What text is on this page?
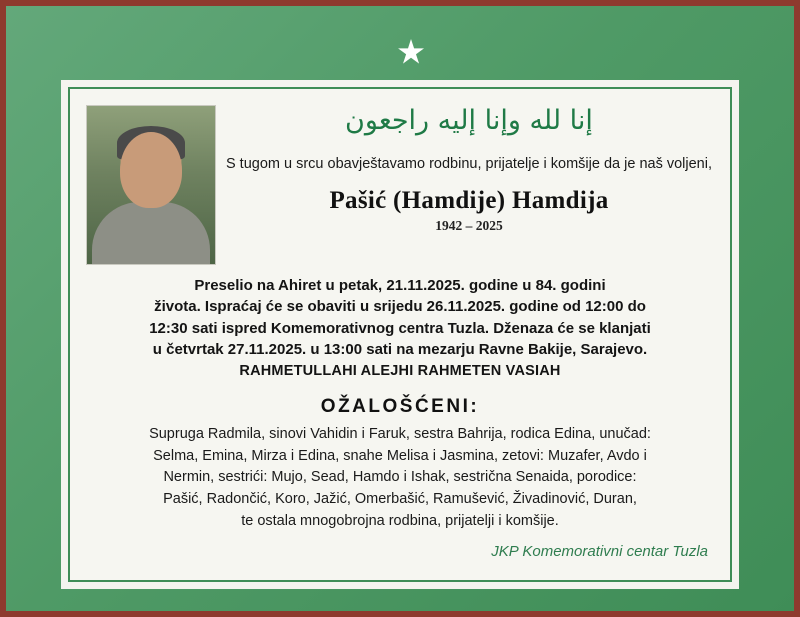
إنا لله وإنا إليه راجعون
S tugom u srcu obavještavamo rodbinu, prijatelje i komšije da je naš voljeni,
Pašić (Hamdije) Hamdija
1942 – 2025
Preselio na Ahiret u petak, 21.11.2025. godine u 84. godini
života. Ispraćaj će se obaviti u srijedu 26.11.2025. godine od 12:00 do
12:30 sati ispred Komemorativnog centra Tuzla. Dženaza će se klanjati
u četvrtak 27.11.2025. u 13:00 sati na mezarju Ravne Bakije, Sarajevo.
RAHMETULLAHI ALEJHI RAHMETEN VASIAH
OŽALOŠĆENI:
Supruga Radmila, sinovi Vahidin i Faruk, sestra Bahrija, rodica Edina, unučad:
Selma, Emina, Mirza i Edina, snahe Melisa i Jasmina, zetovi: Muzafer, Avdo i
Nermin, sestrići: Mujo, Sead, Hamdo i Ishak, sestrična Senaida, porodice:
Pašić, Radončić, Koro, Jažić, Omerbašić, Ramušević, Živadinović, Duran,
te ostala mnogobrojna rodbina, prijatelji i komšije.
JKP Komemorativni centar Tuzla
